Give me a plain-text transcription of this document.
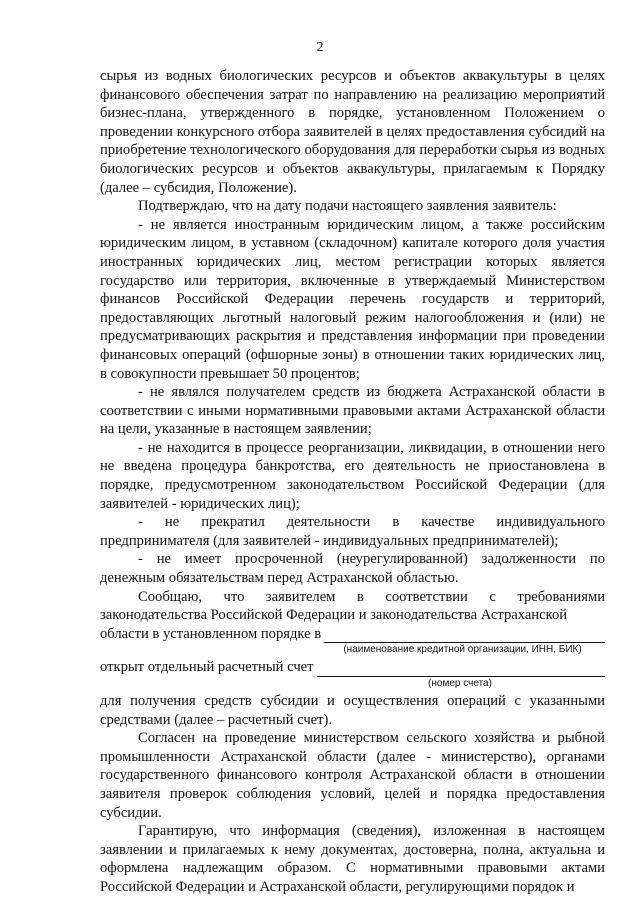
2

сырья из водных биологических ресурсов и объектов аквакультуры в целях финансового обеспечения затрат по направлению на реализацию мероприятий бизнес-плана, утвержденного в порядке, установленном Положением о проведении конкурсного отбора заявителей в целях предоставления субсидий на приобретение технологического оборудования для переработки сырья из водных биологических ресурсов и объектов аквакультуры, прилагаемым к Порядку (далее – субсидия, Положение).

Подтверждаю, что на дату подачи настоящего заявления заявитель:

- не является иностранным юридическим лицом, а также российским юридическим лицом, в уставном (складочном) капитале которого доля участия иностранных юридических лиц, местом регистрации которых является государство или территория, включенные в утверждаемый Министерством финансов Российской Федерации перечень государств и территорий, предоставляющих льготный налоговый режим налогообложения и (или) не предусматривающих раскрытия и представления информации при проведении финансовых операций (офшорные зоны) в отношении таких юридических лиц, в совокупности превышает 50 процентов;

- не являлся получателем средств из бюджета Астраханской области в соответствии с иными нормативными правовыми актами Астраханской области на цели, указанные в настоящем заявлении;

- не находится в процессе реорганизации, ликвидации, в отношении него не введена процедура банкротства, его деятельность не приостановлена в порядке, предусмотренном законодательством Российской Федерации (для заявителей - юридических лиц);

- не прекратил деятельности в качестве индивидуального предпринимателя (для заявителей - индивидуальных предпринимателей);

- не имеет просроченной (неурегулированной) задолженности по денежным обязательствам перед Астраханской областью.

Сообщаю, что заявителем в соответствии с требованиями законодательства Российской Федерации и законодательства Астраханской

области в установленном порядке в
(наименование кредитной организации, ИНН, БИК)
открыт отдельный расчетный счет
(номер счета)

для получения средств субсидии и осуществления операций с указанными средствами (далее – расчетный счет).

Согласен на проведение министерством сельского хозяйства и рыбной промышленности Астраханской области (далее - министерство), органами государственного финансового контроля Астраханской области в отношении заявителя проверок соблюдения условий, целей и порядка предоставления субсидии.

Гарантирую, что информация (сведения), изложенная в настоящем заявлении и прилагаемых к нему документах, достоверна, полна, актуальна и оформлена надлежащим образом. С нормативными правовыми актами Российской Федерации и Астраханской области, регулирующими порядок и
